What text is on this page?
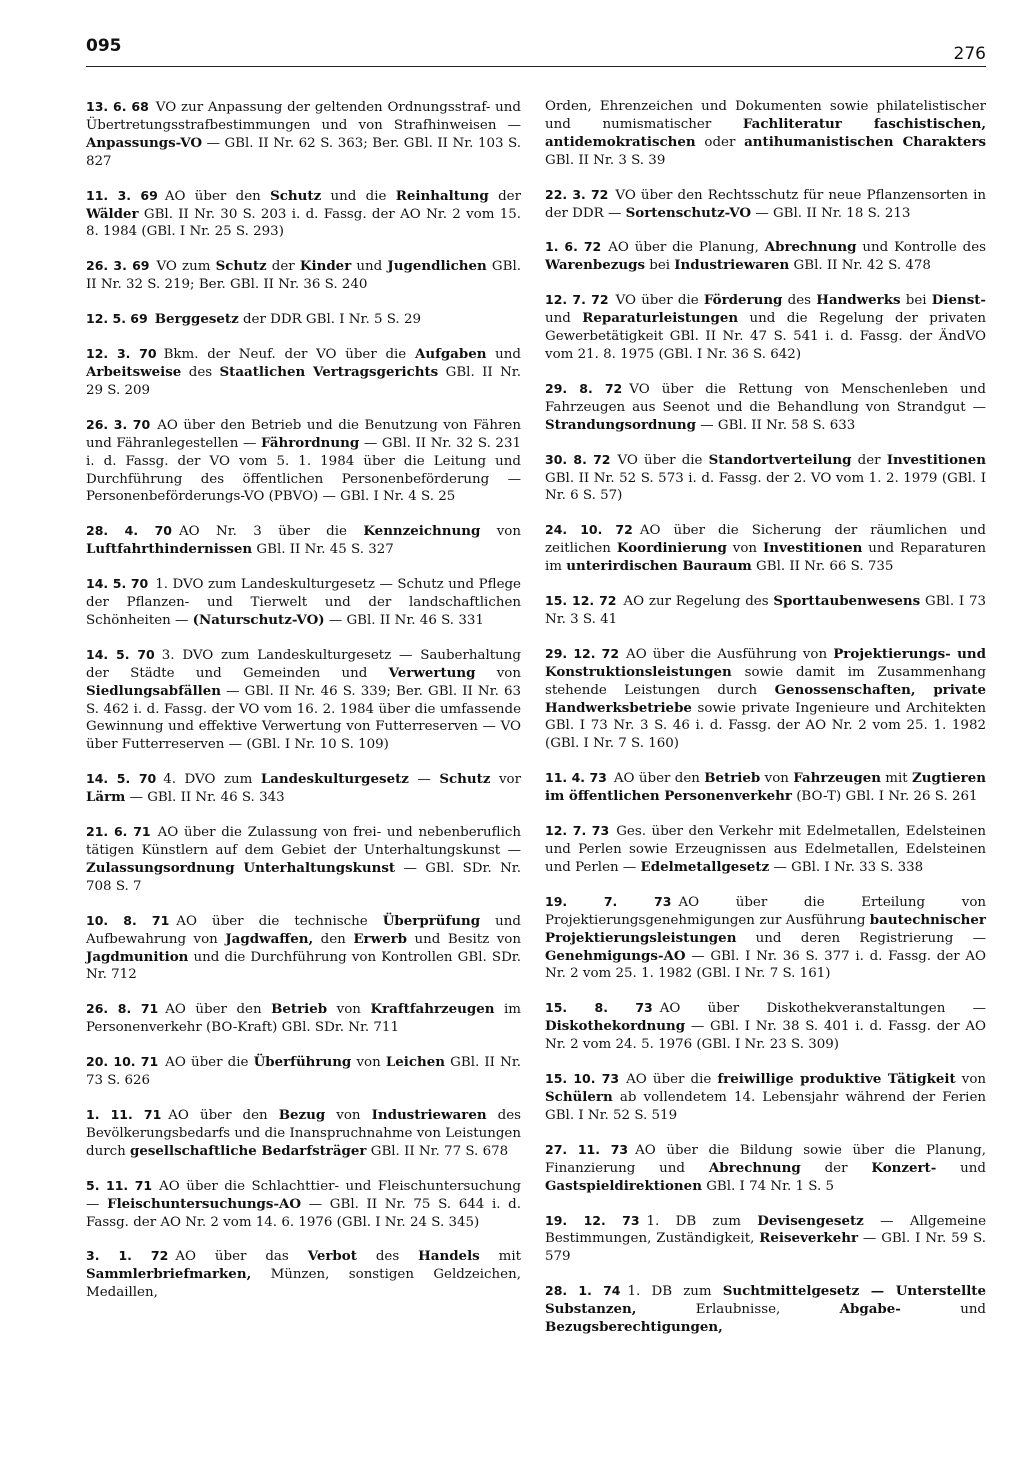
095	276

13. 6. 68 VO zur Anpassung der geltenden Ordnungsstraf- und Übertretungsstrafbestimmungen und von Strafhinweisen — Anpassungs-VO — GBl. II Nr. 62 S. 363; Ber. GBl. II Nr. 103 S. 827

11. 3. 69 AO über den Schutz und die Reinhaltung der Wälder GBl. II Nr. 30 S. 203 i. d. Fassg. der AO Nr. 2 vom 15. 8. 1984 (GBl. I Nr. 25 S. 293)

26. 3. 69 VO zum Schutz der Kinder und Jugendlichen GBl. II Nr. 32 S. 219; Ber. GBl. II Nr. 36 S. 240

12. 5. 69 Berggesetz der DDR GBl. I Nr. 5 S. 29

12. 3. 70 Bkm. der Neuf. der VO über die Aufgaben und Arbeitsweise des Staatlichen Vertragsgerichts GBl. II Nr. 29 S. 209

26. 3. 70 AO über den Betrieb und die Benutzung von Fähren und Fähranlegestellen — Fährordnung — GBl. II Nr. 32 S. 231 i. d. Fassg. der VO vom 5. 1. 1984 über die Leitung und Durchführung des öffentlichen Personenbeförderung — Personenbeförderungs-VO (PBVO) — GBl. I Nr. 4 S. 25

28. 4. 70 AO Nr. 3 über die Kennzeichnung von Luftfahrthindernissen GBl. II Nr. 45 S. 327

14. 5. 70 1. DVO zum Landeskulturgesetz — Schutz und Pflege der Pflanzen- und Tierwelt und der landschaftlichen Schönheiten — (Naturschutz-VO) — GBl. II Nr. 46 S. 331

14. 5. 70 3. DVO zum Landeskulturgesetz — Sauberhaltung der Städte und Gemeinden und Verwertung von Siedlungsabfällen — GBl. II Nr. 46 S. 339; Ber. GBl. II Nr. 63 S. 462 i. d. Fassg. der VO vom 16. 2. 1984 über die umfassende Gewinnung und effektive Verwertung von Futterreserven — VO über Futterreserven — (GBl. I Nr. 10 S. 109)

14. 5. 70 4. DVO zum Landeskulturgesetz — Schutz vor Lärm — GBl. II Nr. 46 S. 343

21. 6. 71 AO über die Zulassung von frei- und nebenberuflich tätigen Künstlern auf dem Gebiet der Unterhaltungskunst — Zulassungsordnung Unterhaltungskunst — GBl. SDr. Nr. 708 S. 7

10. 8. 71 AO über die technische Überprüfung und Aufbewahrung von Jagdwaffen, den Erwerb und Besitz von Jagdmunition und die Durchführung von Kontrollen GBl. SDr. Nr. 712

26. 8. 71 AO über den Betrieb von Kraftfahrzeugen im Personenverkehr (BO-Kraft) GBl. SDr. Nr. 711

20. 10. 71 AO über die Überführung von Leichen GBl. II Nr. 73 S. 626

1. 11. 71 AO über den Bezug von Industriewaren des Bevölkerungsbedarfs und die Inanspruchnahme von Leistungen durch gesellschaftliche Bedarfsträger GBl. II Nr. 77 S. 678

5. 11. 71 AO über die Schlachttier- und Fleischuntersuchung — Fleischuntersuchungs-AO — GBl. II Nr. 75 S. 644 i. d. Fassg. der AO Nr. 2 vom 14. 6. 1976 (GBl. I Nr. 24 S. 345)

3. 1. 72 AO über das Verbot des Handels mit Sammlerbriefmarken, Münzen, sonstigen Geldzeichen, Medaillen,

Orden, Ehrenzeichen und Dokumenten sowie philatelistischer und numismatischer Fachliteratur faschistischen, antidemokratischen oder antihumanistischen Charakters GBl. II Nr. 3 S. 39

22. 3. 72 VO über den Rechtsschutz für neue Pflanzensorten in der DDR — Sortenschutz-VO — GBl. II Nr. 18 S. 213

1. 6. 72 AO über die Planung, Abrechnung und Kontrolle des Warenbezugs bei Industriewaren GBl. II Nr. 42 S. 478

12. 7. 72 VO über die Förderung des Handwerks bei Dienst- und Reparaturleistungen und die Regelung der privaten Gewerbetätigkeit GBl. II Nr. 47 S. 541 i. d. Fassg. der ÄndVO vom 21. 8. 1975 (GBl. I Nr. 36 S. 642)

29. 8. 72 VO über die Rettung von Menschenleben und Fahrzeugen aus Seenot und die Behandlung von Strandgut — Strandungsordnung — GBl. II Nr. 58 S. 633

30. 8. 72 VO über die Standortverteilung der Investitionen GBl. II Nr. 52 S. 573 i. d. Fassg. der 2. VO vom 1. 2. 1979 (GBl. I Nr. 6 S. 57)

24. 10. 72 AO über die Sicherung der räumlichen und zeitlichen Koordinierung von Investitionen und Reparaturen im unterirdischen Bauraum GBl. II Nr. 66 S. 735

15. 12. 72 AO zur Regelung des Sporttaubenwesens GBl. I 73 Nr. 3 S. 41

29. 12. 72 AO über die Ausführung von Projektierungs- und Konstruktionsleistungen sowie damit im Zusammenhang stehende Leistungen durch Genossenschaften, private Handwerksbetriebe sowie private Ingenieure und Architekten GBl. I 73 Nr. 3 S. 46 i. d. Fassg. der AO Nr. 2 vom 25. 1. 1982 (GBl. I Nr. 7 S. 160)

11. 4. 73 AO über den Betrieb von Fahrzeugen mit Zugtieren im öffentlichen Personenverkehr (BO-T) GBl. I Nr. 26 S. 261

12. 7. 73 Ges. über den Verkehr mit Edelmetallen, Edelsteinen und Perlen sowie Erzeugnissen aus Edelmetallen, Edelsteinen und Perlen — Edelmetallgesetz — GBl. I Nr. 33 S. 338

19. 7. 73 AO über die Erteilung von Projektierungsgenehmigungen zur Ausführung bautechnischer Projektierungsleistungen und deren Registrierung — Genehmigungs-AO — GBl. I Nr. 36 S. 377 i. d. Fassg. der AO Nr. 2 vom 25. 1. 1982 (GBl. I Nr. 7 S. 161)

15. 8. 73 AO über Diskothekveranstaltungen — Diskothekordnung — GBl. I Nr. 38 S. 401 i. d. Fassg. der AO Nr. 2 vom 24. 5. 1976 (GBl. I Nr. 23 S. 309)

15. 10. 73 AO über die freiwillige produktive Tätigkeit von Schülern ab vollendetem 14. Lebensjahr während der Ferien GBl. I Nr. 52 S. 519

27. 11. 73 AO über die Bildung sowie über die Planung, Finanzierung und Abrechnung der Konzert- und Gastspieldirektionen GBl. I 74 Nr. 1 S. 5

19. 12. 73 1. DB zum Devisengesetz — Allgemeine Bestimmungen, Zuständigkeit, Reiseverkehr — GBl. I Nr. 59 S. 579

28. 1. 74 1. DB zum Suchtmittelgesetz — Unterstellte Substanzen, Erlaubnisse, Abgabe- und Bezugsberechtigungen,
